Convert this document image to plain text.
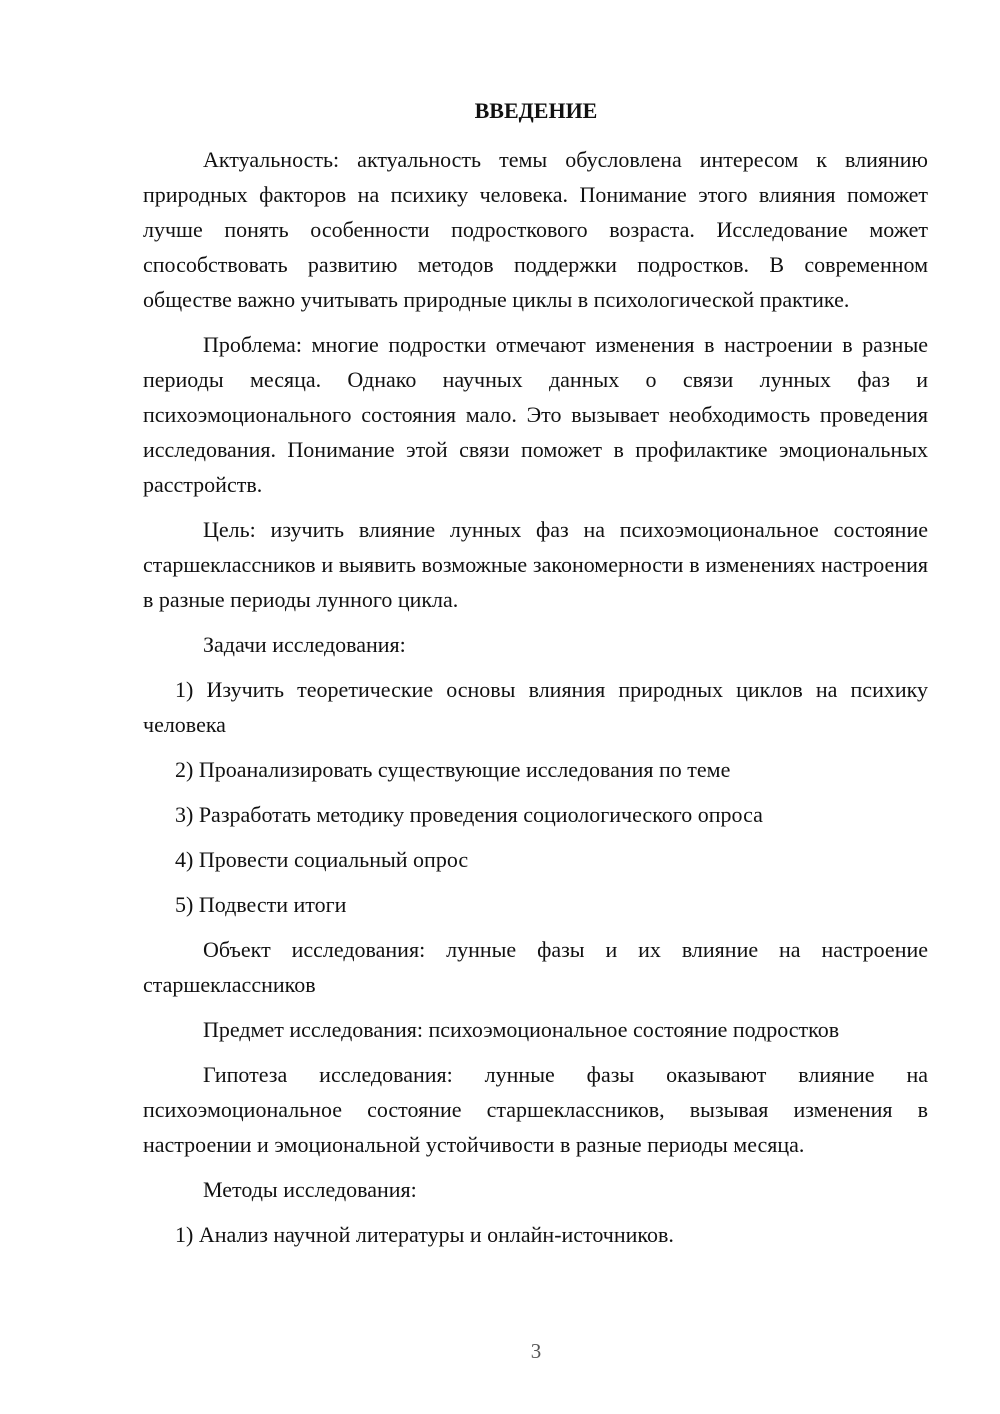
ВВЕДЕНИЕ

Актуальность: актуальность темы обусловлена интересом к влиянию природных факторов на психику человека. Понимание этого влияния поможет лучше понять особенности подросткового возраста. Исследование может способствовать развитию методов поддержки подростков. В современном обществе важно учитывать природные циклы в психологической практике.

Проблема: многие подростки отмечают изменения в настроении в разные периоды месяца. Однако научных данных о связи лунных фаз и психоэмоционального состояния мало. Это вызывает необходимость проведения исследования. Понимание этой связи поможет в профилактике эмоциональных расстройств.

Цель: изучить влияние лунных фаз на психоэмоциональное состояние старшеклассников и выявить возможные закономерности в изменениях настроения в разные периоды лунного цикла.

Задачи исследования:

1) Изучить теоретические основы влияния природных циклов на психику человека

2) Проанализировать существующие исследования по теме

3) Разработать методику проведения социологического опроса

4) Провести социальный опрос

5) Подвести итоги

Объект исследования: лунные фазы и их влияние на настроение старшеклассников

Предмет исследования: психоэмоциональное состояние подростков

Гипотеза исследования: лунные фазы оказывают влияние на психоэмоциональное состояние старшеклассников, вызывая изменения в настроении и эмоциональной устойчивости в разные периоды месяца.

Методы исследования:

1) Анализ научной литературы и онлайн-источников.

3
